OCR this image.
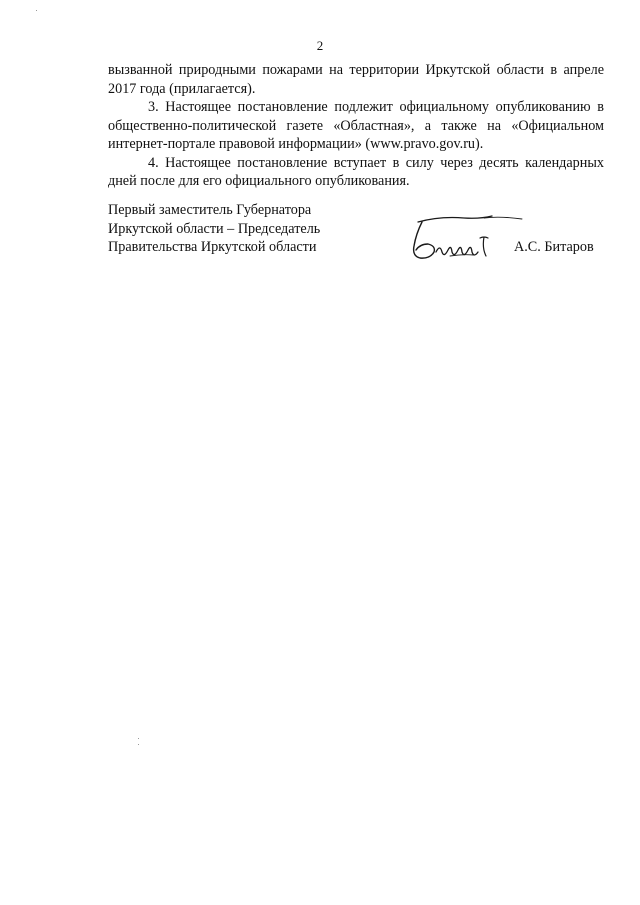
2

вызванной природными пожарами на территории Иркутской области в апреле 2017 года (прилагается).

3. Настоящее постановление подлежит официальному опубликованию в общественно-политической газете «Областная», а также на «Официальном интернет-портале правовой информации» (www.pravo.gov.ru).

4. Настоящее постановление вступает в силу через десять календарных дней после для его официального опубликования.

Первый заместитель Губернатора

Иркутской области – Председатель

Правительства Иркутской области	А.С. Битаров
